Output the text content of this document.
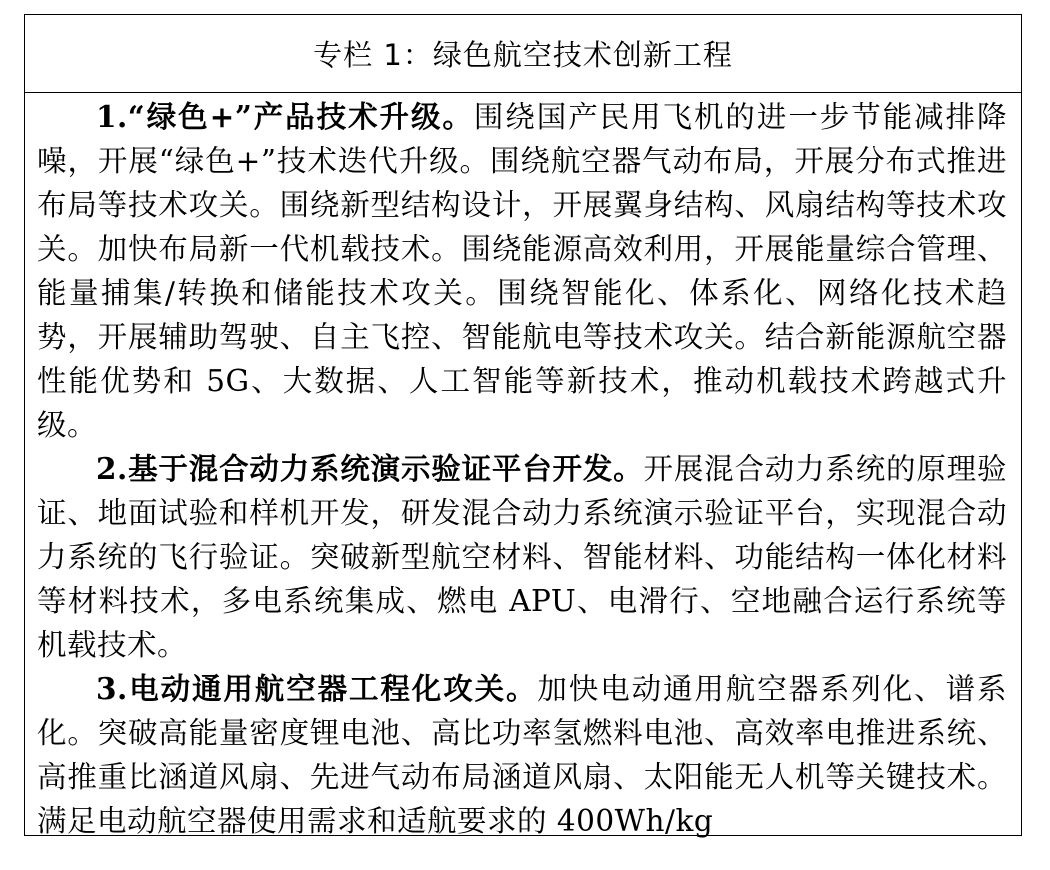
专栏 1：绿色航空技术创新工程

1.“绿色+”产品技术升级。围绕国产民用飞机的进一步节能减排降噪，开展“绿色+”技术迭代升级。围绕航空器气动布局，开展分布式推进布局等技术攻关。围绕新型结构设计，开展翼身结构、风扇结构等技术攻关。加快布局新一代机载技术。围绕能源高效利用，开展能量综合管理、能量捕集/转换和储能技术攻关。围绕智能化、体系化、网络化技术趋势，开展辅助驾驶、自主飞控、智能航电等技术攻关。结合新能源航空器性能优势和 5G、大数据、人工智能等新技术，推动机载技术跨越式升级。

2.基于混合动力系统演示验证平台开发。开展混合动力系统的原理验证、地面试验和样机开发，研发混合动力系统演示验证平台，实现混合动力系统的飞行验证。突破新型航空材料、智能材料、功能结构一体化材料等材料技术，多电系统集成、燃电 APU、电滑行、空地融合运行系统等机载技术。

3.电动通用航空器工程化攻关。加快电动通用航空器系列化、谱系化。突破高能量密度锂电池、高比功率氢燃料电池、高效率电推进系统、高推重比涵道风扇、先进气动布局涵道风扇、太阳能无人机等关键技术。满足电动航空器使用需求和适航要求的 400Wh/kg
